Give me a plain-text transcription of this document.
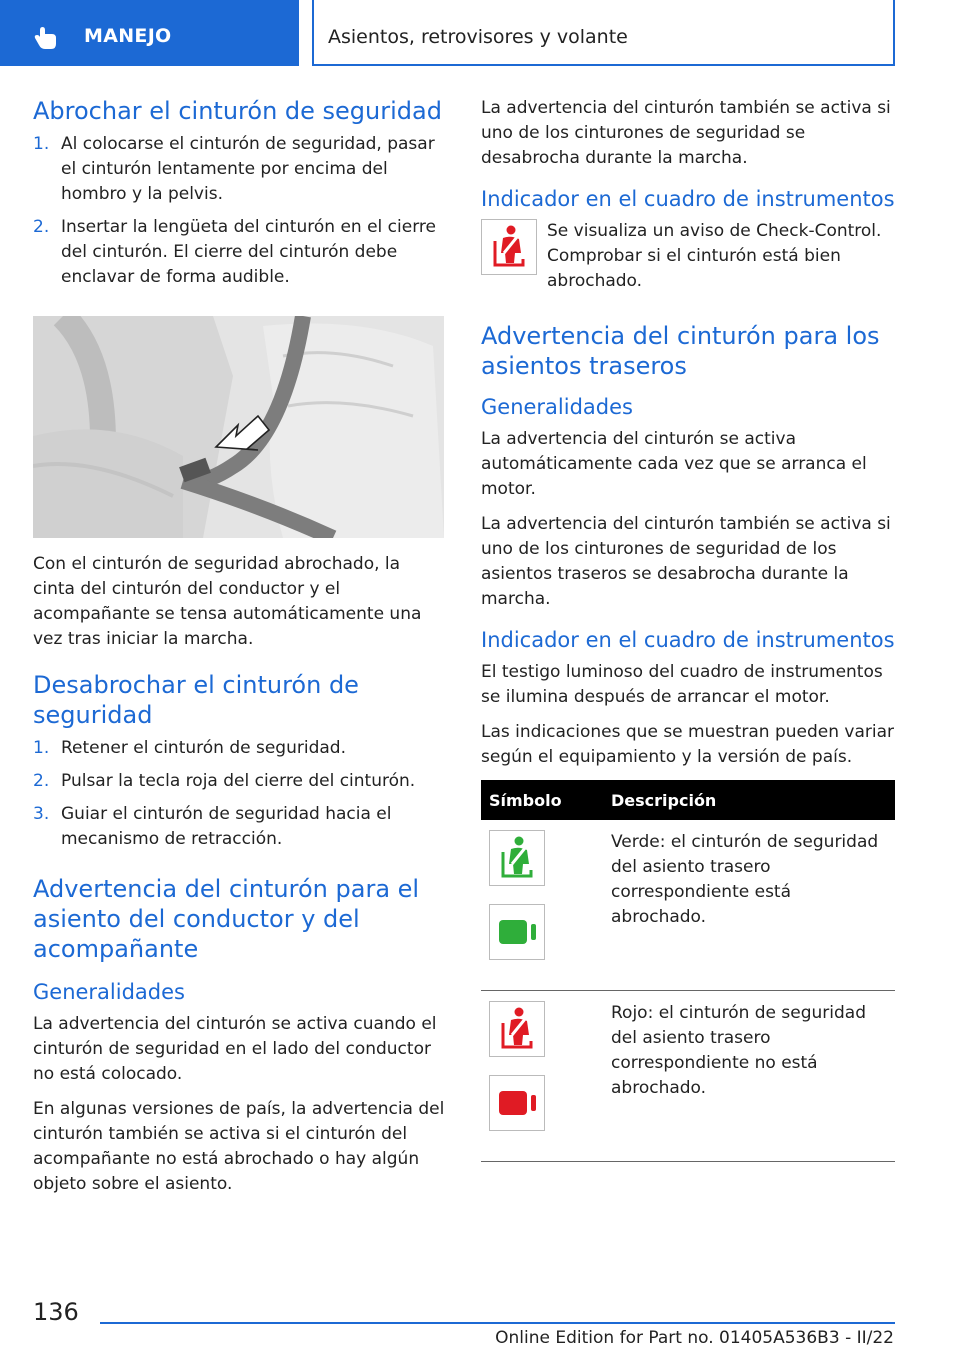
MANEJO	Asientos, retrovisores y volante
Abrochar el cinturón de seguridad
1. Al colocarse el cinturón de seguridad, pasar el cinturón lentamente por encima del hombro y la pelvis.
2. Insertar la lengüeta del cinturón en el cierre del cinturón. El cierre del cinturón debe enclavar de forma audible.

Con el cinturón de seguridad abrochado, la cinta del cinturón del conductor y el acompañante se tensa automáticamente una vez tras iniciar la marcha.

Desabrochar el cinturón de seguridad
1. Retener el cinturón de seguridad.
2. Pulsar la tecla roja del cierre del cinturón.
3. Guiar el cinturón de seguridad hacia el mecanismo de retracción.
Advertencia del cinturón para el asiento del conductor y del acompañante
Generalidades

La advertencia del cinturón se activa cuando el cinturón de seguridad en el lado del conductor no está colocado.

En algunas versiones de país, la advertencia del cinturón también se activa si el cinturón del acompañante no está abrochado o hay algún objeto sobre el asiento.

La advertencia del cinturón también se activa si uno de los cinturones de seguridad se desabrocha durante la marcha.

Indicador en el cuadro de instrumentos

Se visualiza un aviso de Check-Control. Comprobar si el cinturón está bien abrochado.

Advertencia del cinturón para los asientos traseros
Generalidades

La advertencia del cinturón se activa automáticamente cada vez que se arranca el motor.

La advertencia del cinturón también se activa si uno de los cinturones de seguridad de los asientos traseros se desabrocha durante la marcha.

Indicador en el cuadro de instrumentos

El testigo luminoso del cuadro de instrumentos se ilumina después de arrancar el motor.

Las indicaciones que se muestran pueden variar según el equipamiento y la versión de país.

Símbolo	Descripción

	Verde: el cinturón de seguridad del asiento trasero correspondiente está abrochado.

	Rojo: el cinturón de seguridad del asiento trasero correspondiente no está abrochado.
136
Online Edition for Part no. 01405A536B3 - II/22
